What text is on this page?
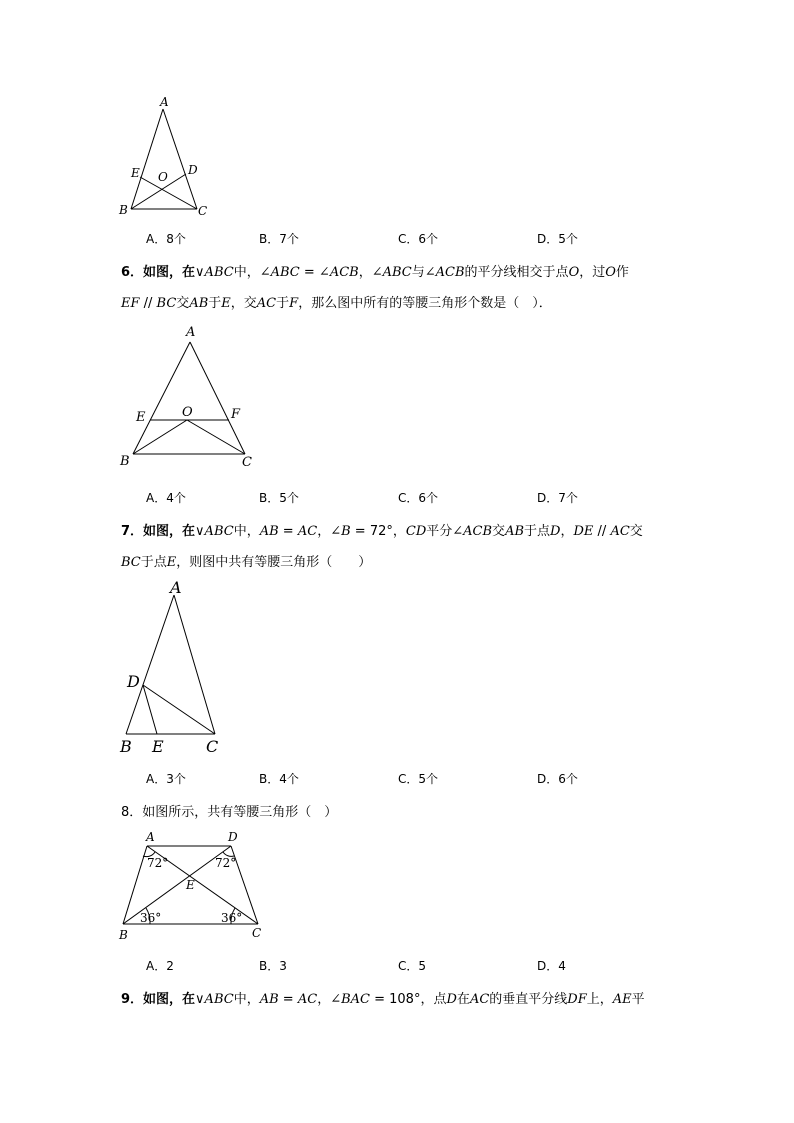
A
E O D
B	C
A．8个	B．7个	C．6个	D．5个
6．如图，在∨ABC中，∠ABC = ∠ACB，∠ABC与∠ACB的平分线相交于点O，过O作
EF // BC交AB于E，交AC于F，那么图中所有的等腰三角形个数是（　）．
A
E	O	F
B	C
A．4个	B．5个	C．6个	D．7个
7．如图，在∨ABC中，AB = AC，∠B = 72°，CD平分∠ACB交AB于点D，DE // AC交
BC于点E，则图中共有等腰三角形（　　）
A
D
B E	C
A．3个	B．4个	C．5个	D．6个
8．如图所示，共有等腰三角形（　）
A	D
72°	72°
E
36°	36°
B	C
A．2	B．3	C．5	D．4
9．如图，在∨ABC中，AB = AC，∠BAC = 108°，点D在AC的垂直平分线DF上，AE平
